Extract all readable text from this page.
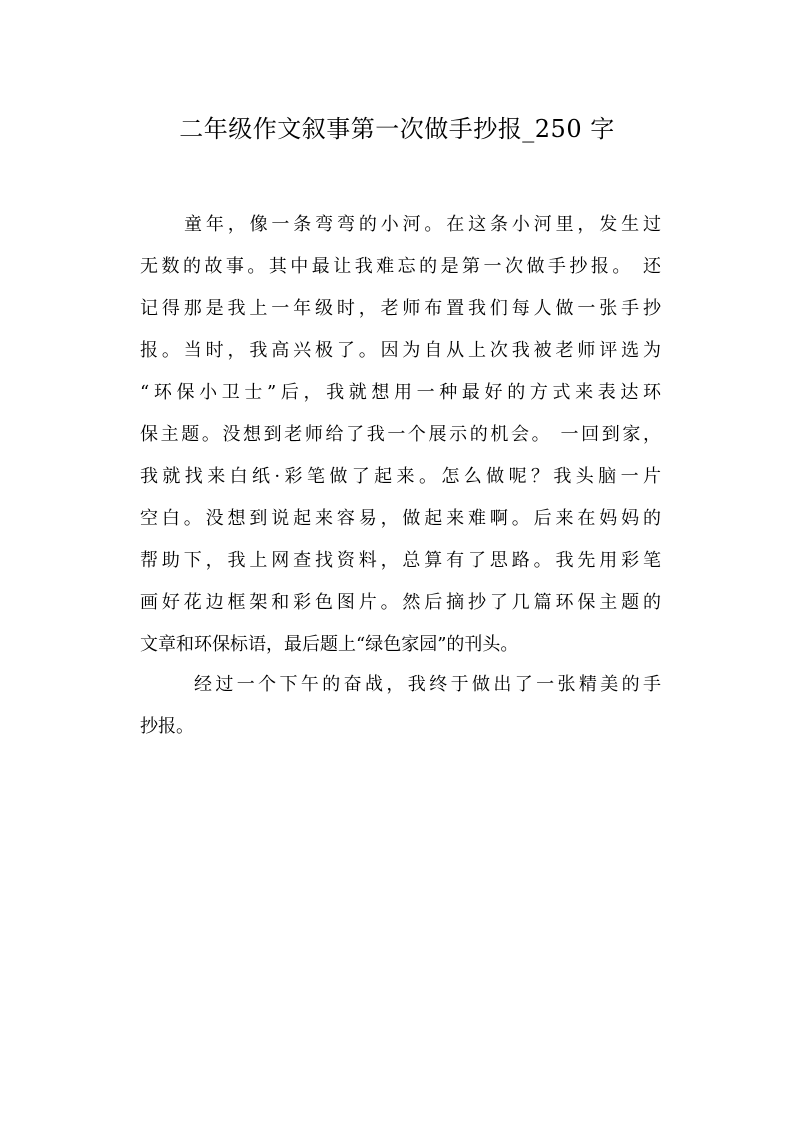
二年级作文叙事第一次做手抄报_250 字
童年，像一条弯弯的小河。在这条小河里，发生过
无数的故事。其中最让我难忘的是第一次做手抄报。 还
记得那是我上一年级时，老师布置我们每人做一张手抄
报。当时，我高兴极了。因为自从上次我被老师评选为
“环保小卫士”后，我就想用一种最好的方式来表达环
保主题。没想到老师给了我一个展示的机会。 一回到家，
我就找来白纸·彩笔做了起来。怎么做呢？我头脑一片
空白。没想到说起来容易，做起来难啊。后来在妈妈的
帮助下，我上网查找资料，总算有了思路。我先用彩笔
画好花边框架和彩色图片。然后摘抄了几篇环保主题的
文章和环保标语，最后题上“绿色家园”的刊头。
经过一个下午的奋战，我终于做出了一张精美的手
抄报。
